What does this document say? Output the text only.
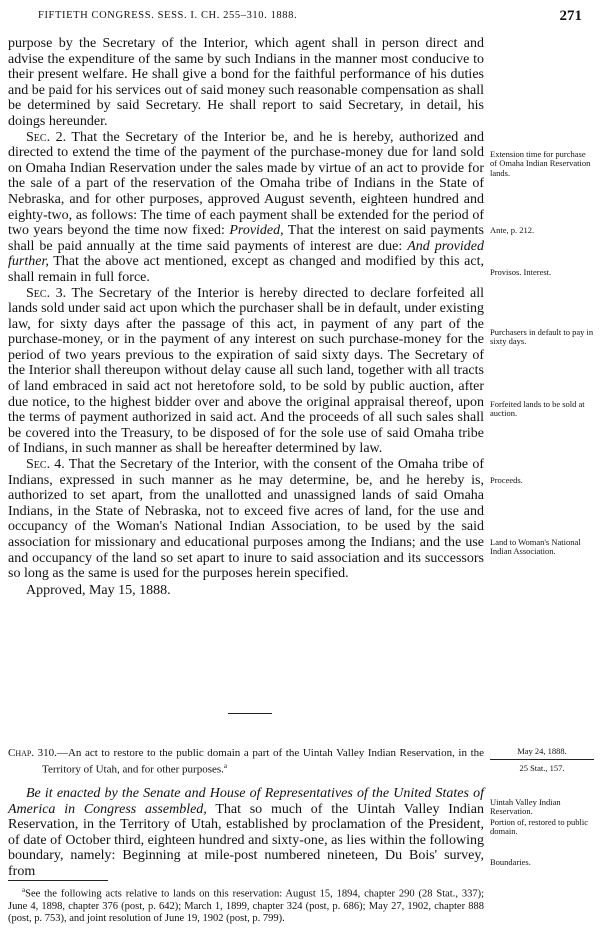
FIFTIETH CONGRESS. SESS. I. CH. 255–310. 1888.	271

purpose by the Secretary of the Interior, which agent shall in person direct and advise the expenditure of the same by such Indians in the manner most conducive to their present welfare. He shall give a bond for the faithful performance of his duties and be paid for his services out of said money such reasonable compensation as shall be determined by said Secretary. He shall report to said Secretary, in detail, his doings hereunder.

Sec. 2. That the Secretary of the Interior be, and he is hereby, authorized and directed to extend the time of the payment of the purchase-money due for land sold on Omaha Indian Reservation under the sales made by virtue of an act to provide for the sale of a part of the reservation of the Omaha tribe of Indians in the State of Nebraska, and for other purposes, approved August seventh, eighteen hundred and eighty-two, as follows: The time of each payment shall be extended for the period of two years beyond the time now fixed: Provided, That the interest on said payments shall be paid annually at the time said payments of interest are due: And provided further, That the above act mentioned, except as changed and modified by this act, shall remain in full force.

Sec. 3. The Secretary of the Interior is hereby directed to declare forfeited all lands sold under said act upon which the purchaser shall be in default, under existing law, for sixty days after the passage of this act, in payment of any part of the purchase-money, or in the payment of any interest on such purchase-money for the period of two years previous to the expiration of said sixty days. The Secretary of the Interior shall thereupon without delay cause all such land, together with all tracts of land embraced in said act not heretofore sold, to be sold by public auction, after due notice, to the highest bidder over and above the original appraisal thereof, upon the terms of payment authorized in said act. And the proceeds of all such sales shall be covered into the Treasury, to be disposed of for the sole use of said Omaha tribe of Indians, in such manner as shall be hereafter determined by law.

Sec. 4. That the Secretary of the Interior, with the consent of the Omaha tribe of Indians, expressed in such manner as he may determine, be, and he hereby is, authorized to set apart, from the unallotted and unassigned lands of said Omaha Indians, in the State of Nebraska, not to exceed five acres of land, for the use and occupancy of the Woman's National Indian Association, to be used by the said association for missionary and educational purposes among the Indians; and the use and occupancy of the land so set apart to inure to said association and its successors so long as the same is used for the purposes herein specified.

Approved, May 15, 1888.

Chap. 310.—An act to restore to the public domain a part of the Uintah Valley Indian Reservation, in the Territory of Utah, and for other purposes.$^a$

Be it enacted by the Senate and House of Representatives of the United States of America in Congress assembled, That so much of the Uintah Valley Indian Reservation, in the Territory of Utah, established by proclamation of the President, of date of October third, eighteen hundred and sixty-one, as lies within the following boundary, namely: Beginning at mile-post numbered nineteen, Du Bois' survey, from

$^a$See the following acts relative to lands on this reservation: August 15, 1894, chapter 290 (28 Stat., 337); June 4, 1898, chapter 376 (post, p. 642); March 1, 1899, chapter 324 (post, p. 686); May 27, 1902, chapter 888 (post, p. 753), and joint resolution of June 19, 1902 (post, p. 799).

Extension time for purchase of Omaha Indian Reservation lands.
Ante, p. 212.
Provisos. Interest.
Purchasers in default to pay in sixty days.
Forfeited lands to be sold at auction.
Proceeds.
Land to Woman's National Indian Association.
May 24, 1888.
25 Stat., 157.
Uintah Valley Indian Reservation.
Portion of, restored to public domain.
Boundaries.
